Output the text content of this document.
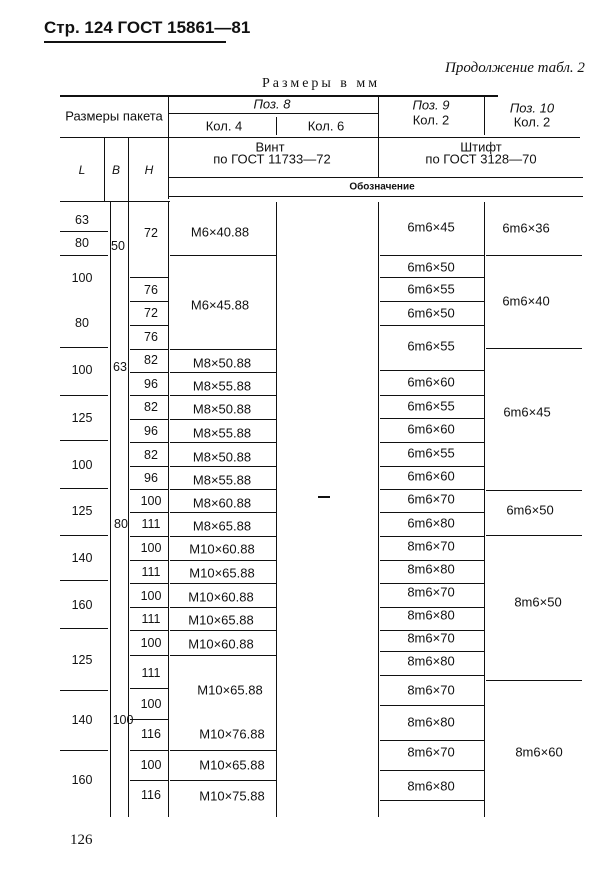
Стр. 124 ГОСТ 15861—81
Продолжение табл. 2
Размеры в мм
Размеры пакета
Поз. 8
Кол. 4	Кол. 6
Поз. 9
Кол. 2
Поз. 10
Кол. 2
Винт
по ГОСТ 11733—72
Штифт
по ГОСТ 3128—70
L B H
Обозначение
63
80
100
80
100
125
100
125
140
160
125
140
160
50
63
80
100
72
76
72
76
82
96
82
96
82
96
100
111
100
111
100
111
100
111
100
116
100
116
M6×40.88
M6×45.88
M8×50.88
M8×55.88
M8×50.88
M8×55.88
M8×50.88
M8×55.88
M8×60.88
M8×65.88
M10×60.88
M10×65.88
M10×60.88
M10×65.88
M10×60.88
M10×65.88
M10×76.88
M10×65.88
M10×75.88
6m6×45
6m6×50
6m6×55
6m6×50
6m6×55
6m6×60
6m6×55
6m6×60
6m6×55
6m6×60
6m6×70
6m6×80
8m6×70
8m6×80
8m6×70
8m6×80
8m6×70
8m6×80
8m6×70
8m6×80
8m6×70
8m6×80
6m6×36
6m6×40
6m6×45
6m6×50
8m6×50
8m6×60
126
